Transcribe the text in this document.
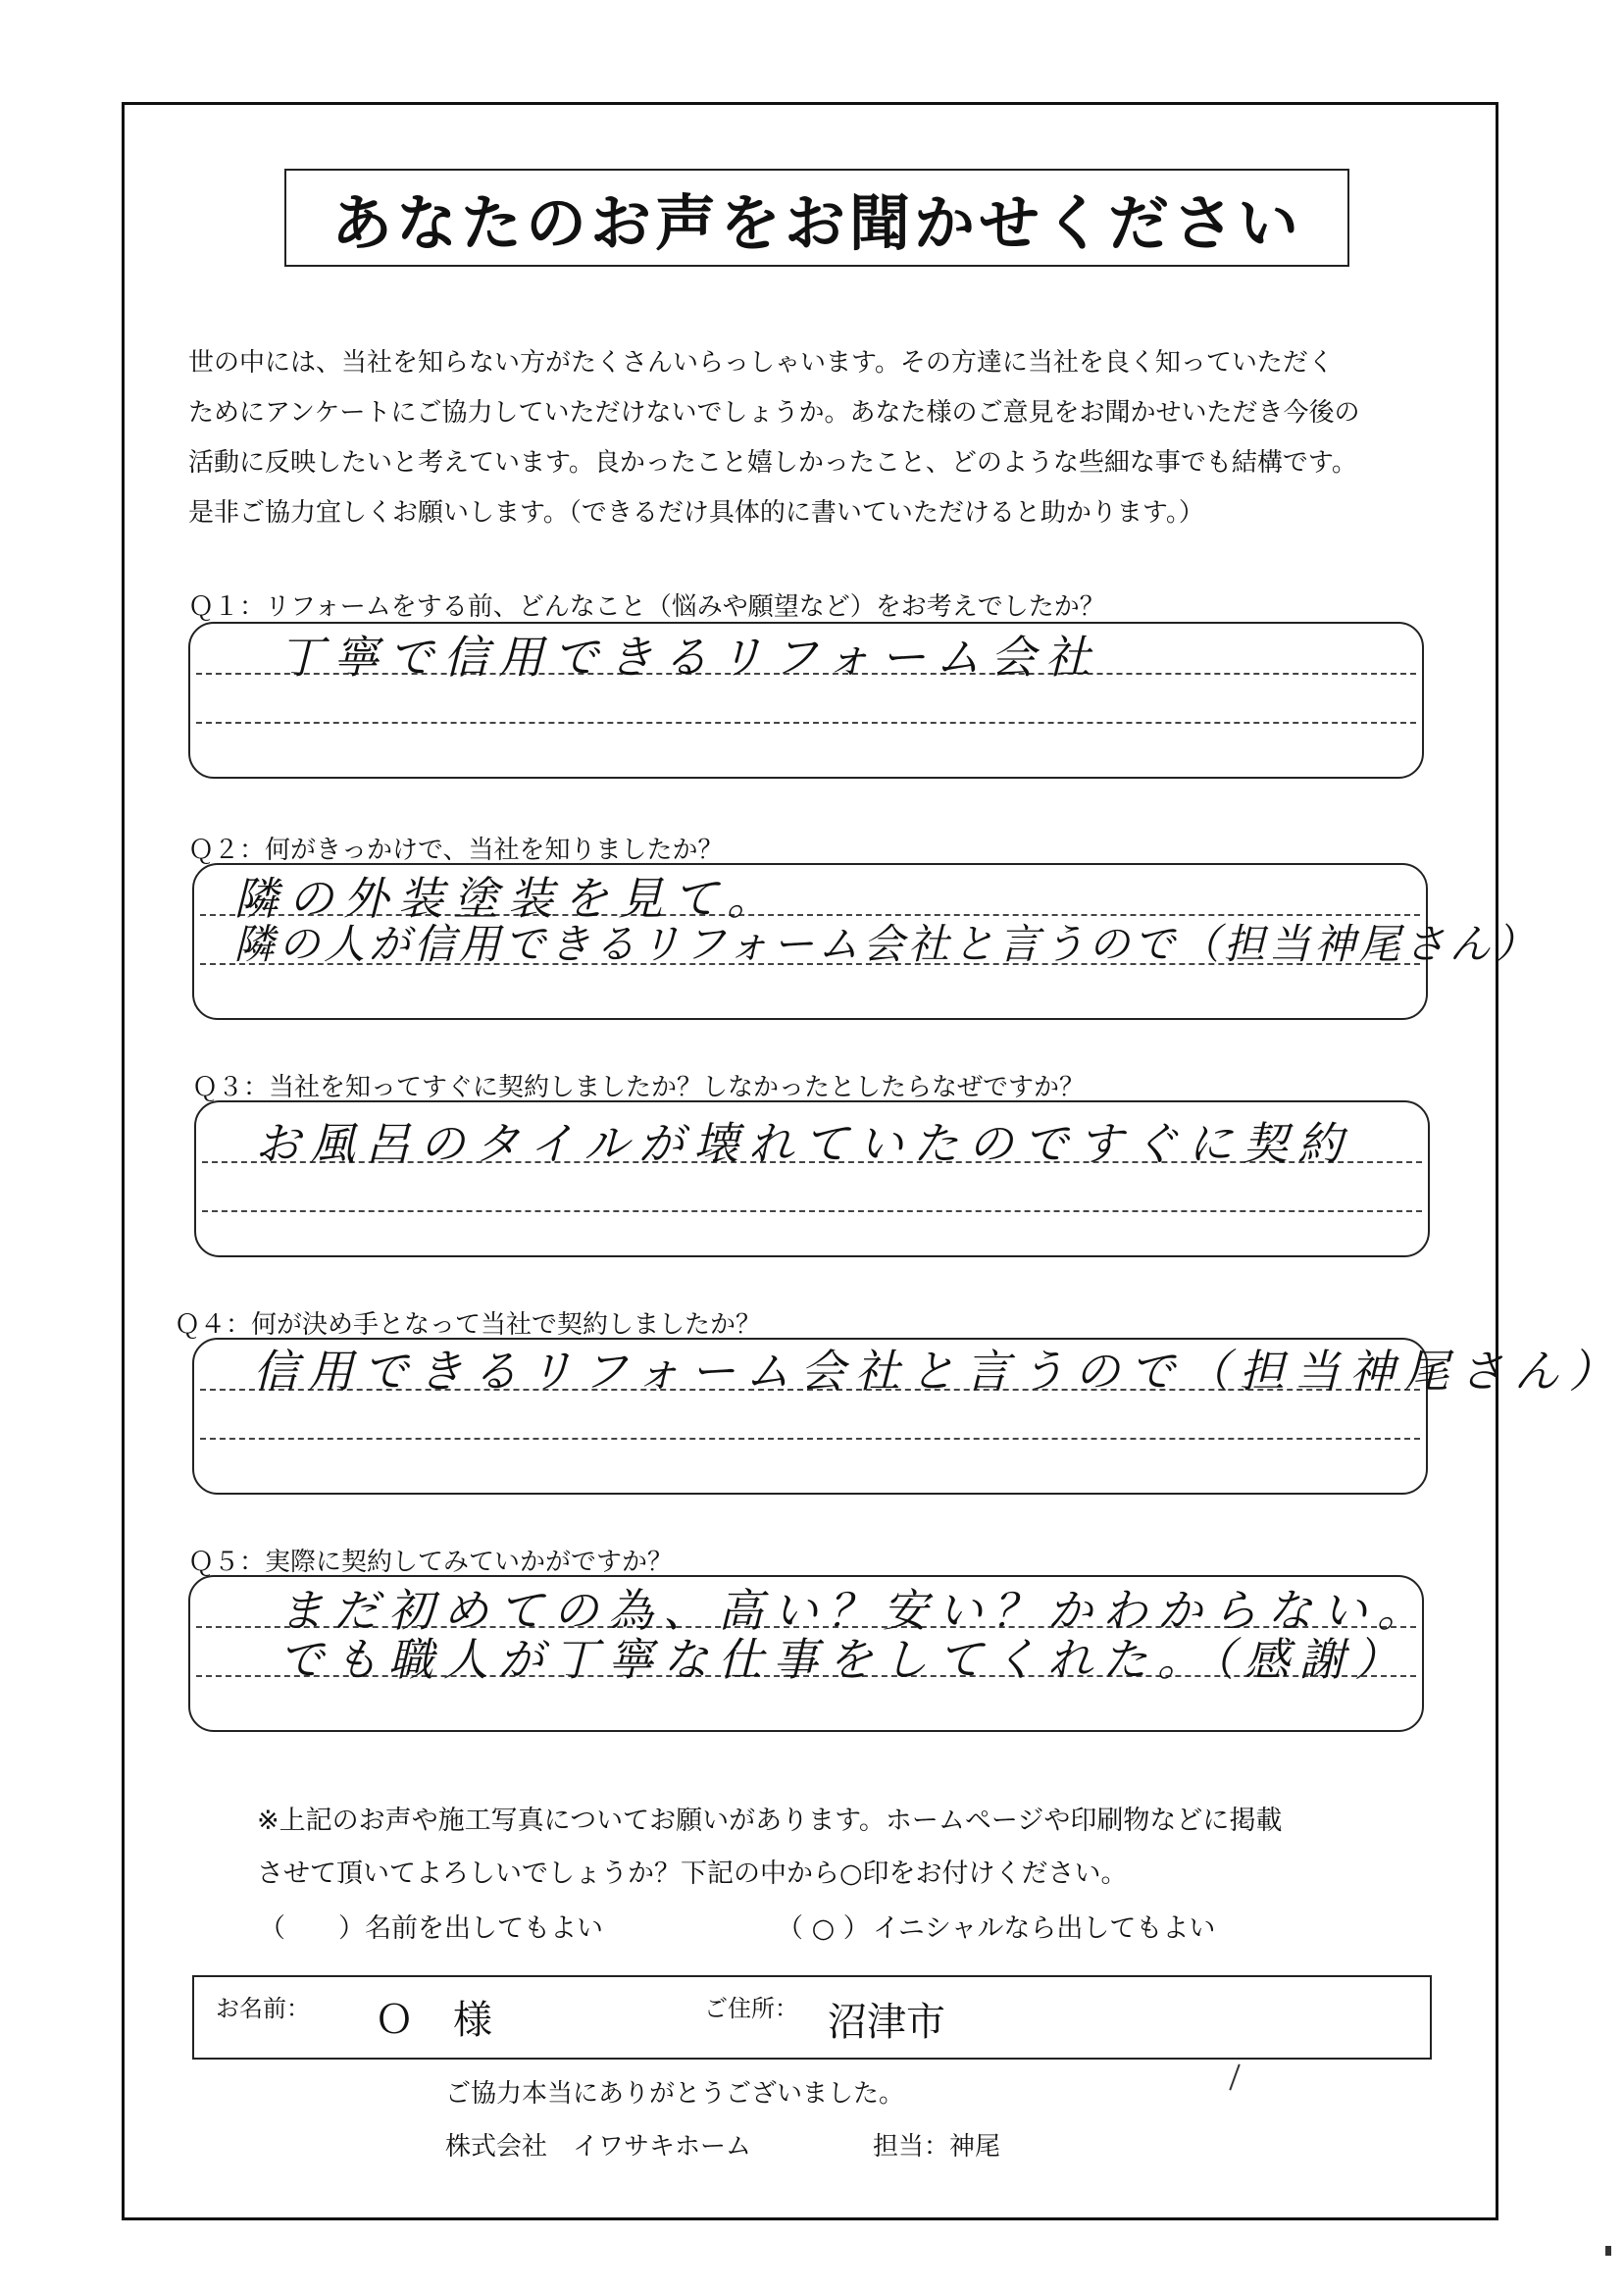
あなたのお声をお聞かせください
世の中には、当社を知らない方がたくさんいらっしゃいます。その方達に当社を良く知っていただく
ためにアンケートにご協力していただけないでしょうか。あなた様のご意見をお聞かせいただき今後の
活動に反映したいと考えています。良かったこと嬉しかったこと、どのような些細な事でも結構です。
是非ご協力宜しくお願いします。（できるだけ具体的に書いていただけると助かります。）
Ｑ１：リフォームをする前、どんなこと（悩みや願望など）をお考えでしたか？
丁寧で信用できるリフォーム会社
Ｑ２：何がきっかけで、当社を知りましたか？
隣の外装塗装を見て。
隣の人が信用できるリフォーム会社と言うので（担当神尾さん）
Ｑ３：当社を知ってすぐに契約しましたか？しなかったとしたらなぜですか？
お風呂のタイルが壊れていたのですぐに契約
Ｑ４：何が決め手となって当社で契約しましたか？
信用できるリフォーム会社と言うので（担当神尾さん）
Ｑ５：実際に契約してみていかがですか？
まだ初めての為、高い？安い？かわからない。
でも職人が丁寧な仕事をしてくれた。（感謝）
※上記のお声や施工写真についてお願いがあります。ホームページや印刷物などに掲載
させて頂いてよろしいでしょうか？下記の中から○印をお付けください。
（　　）名前を出してもよい	（ ○ ） イニシャルなら出してもよい
お名前： Ｏ　様	ご住所： 沼津市
ご協力本当にありがとうございました。
株式会社　イワサキホーム	担当：神尾
